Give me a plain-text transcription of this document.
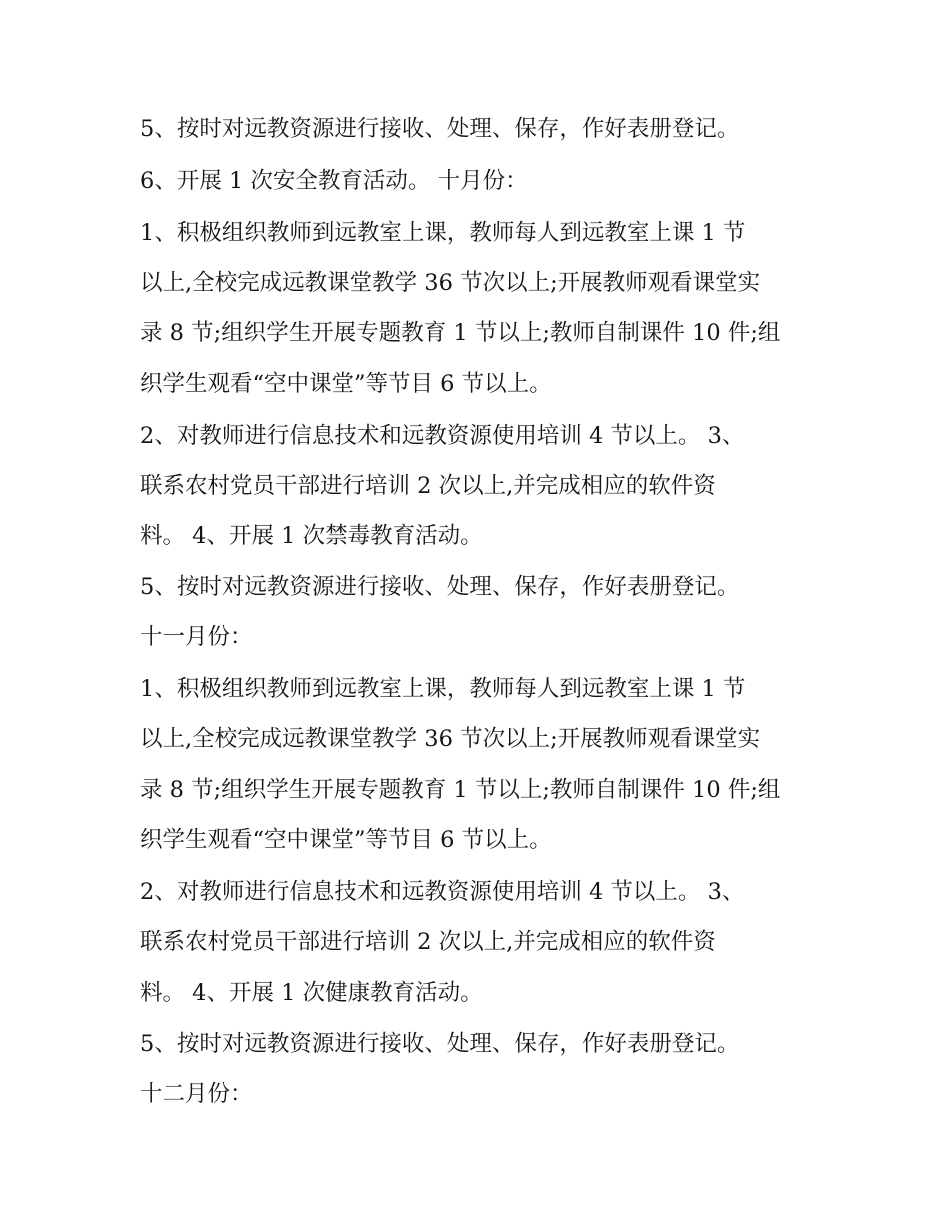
5、按时对远教资源进行接收、处理、保存，作好表册登记。
6、开展 1 次安全教育活动。 十月份：
1、积极组织教师到远教室上课，教师每人到远教室上课 1 节
以上,全校完成远教课堂教学 36 节次以上;开展教师观看课堂实
录 8 节;组织学生开展专题教育 1 节以上;教师自制课件 10 件;组
织学生观看“空中课堂”等节目 6 节以上。
2、对教师进行信息技术和远教资源使用培训 4 节以上。 3、
联系农村党员干部进行培训 2 次以上,并完成相应的软件资
料。 4、开展 1 次禁毒教育活动。
5、按时对远教资源进行接收、处理、保存，作好表册登记。
十一月份：
1、积极组织教师到远教室上课，教师每人到远教室上课 1 节
以上,全校完成远教课堂教学 36 节次以上;开展教师观看课堂实
录 8 节;组织学生开展专题教育 1 节以上;教师自制课件 10 件;组
织学生观看“空中课堂”等节目 6 节以上。
2、对教师进行信息技术和远教资源使用培训 4 节以上。 3、
联系农村党员干部进行培训 2 次以上,并完成相应的软件资
料。 4、开展 1 次健康教育活动。
5、按时对远教资源进行接收、处理、保存，作好表册登记。
十二月份：
